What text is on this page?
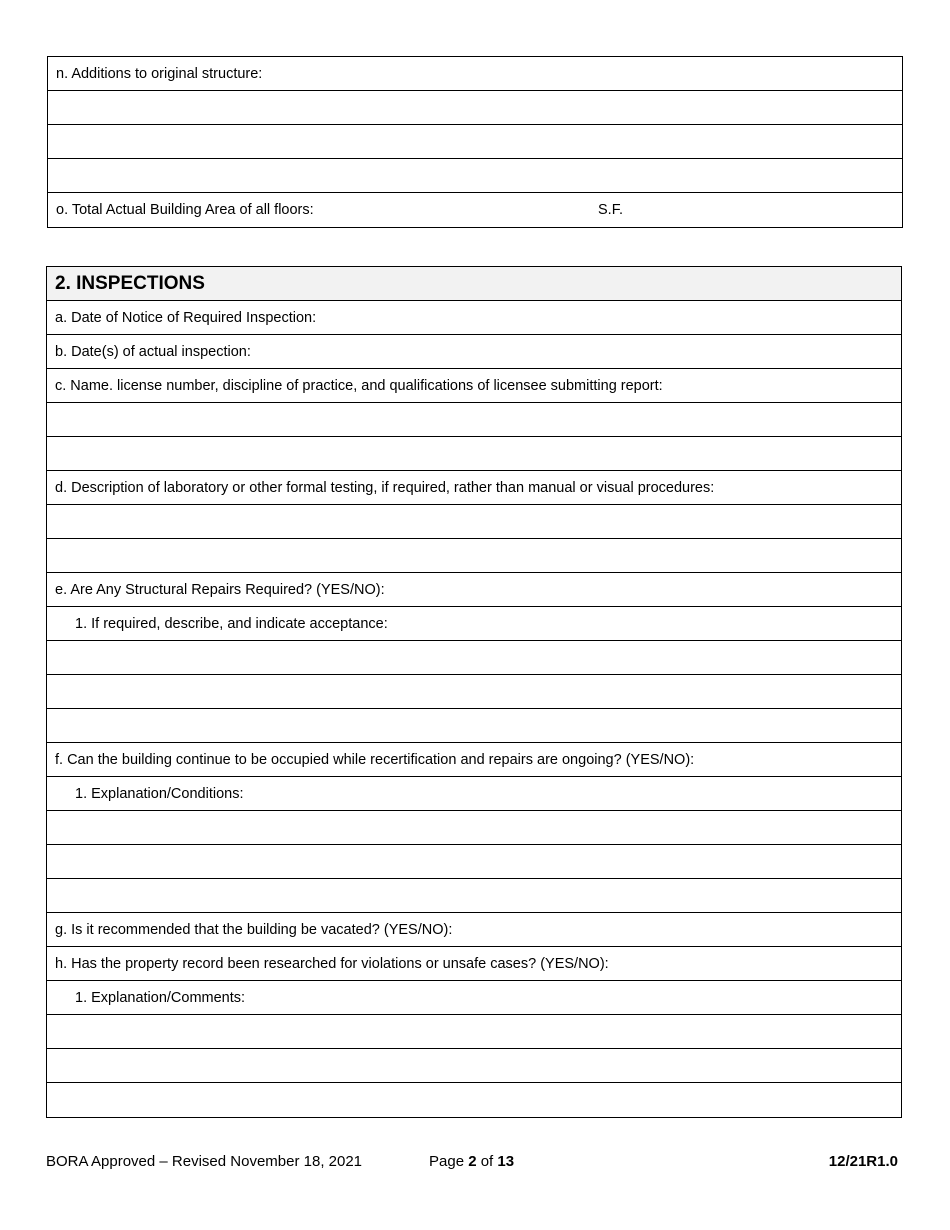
n. Additions to original structure:
o. Total Actual Building Area of all floors:	S.F.
2. INSPECTIONS
a. Date of Notice of Required Inspection:
b. Date(s) of actual inspection:
c. Name. license number, discipline of practice, and qualifications of licensee submitting report:
d. Description of laboratory or other formal testing, if required, rather than manual or visual procedures:
e. Are Any Structural Repairs Required? (YES/NO):
1. If required, describe, and indicate acceptance:
f. Can the building continue to be occupied while recertification and repairs are ongoing? (YES/NO):
1. Explanation/Conditions:
g. Is it recommended that the building be vacated? (YES/NO):
h. Has the property record been researched for violations or unsafe cases? (YES/NO):
1. Explanation/Comments:
BORA Approved – Revised November 18, 2021	Page 2 of 13	12/21R1.0
